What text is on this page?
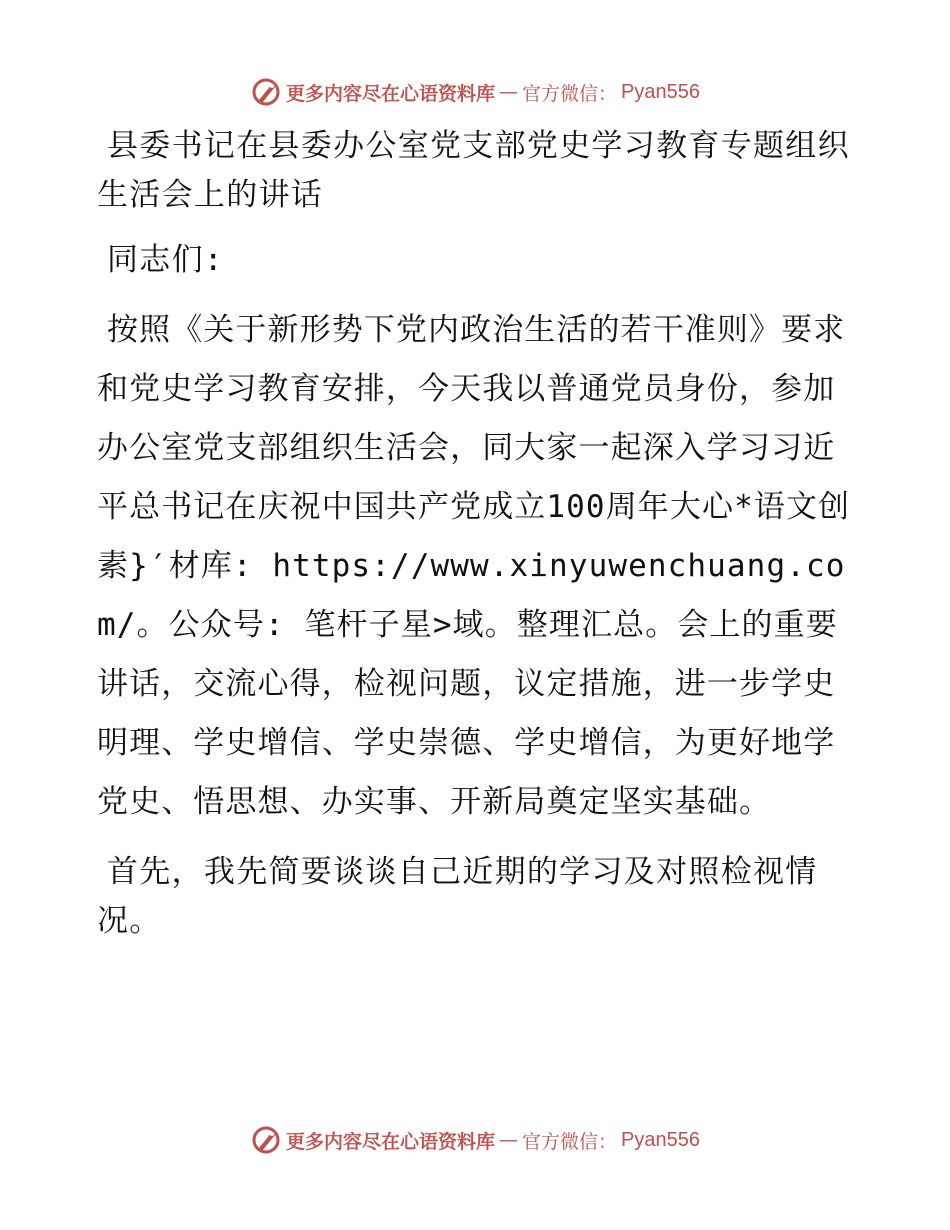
更多内容尽在心语资料库 — 官方微信： Pyan556

县委书记在县委办公室党支部党史学习教育专题组织生活会上的讲话

同志们:

按照《关于新形势下党内政治生活的若干准则》要求和党史学习教育安排，今天我以普通党员身份，参加办公室党支部组织生活会，同大家一起深入学习习近平总书记在庆祝中国共产党成立100周年大心*语文创素}′材库: https://www.xinyuwenchuang.com/。公众号: 笔杆子星>域。整理汇总。会上的重要讲话，交流心得，检视问题，议定措施，进一步学史明理、学史增信、学史崇德、学史增信，为更好地学党史、悟思想、办实事、开新局奠定坚实基础。

首先，我先简要谈谈自己近期的学习及对照检视情况。

更多内容尽在心语资料库 — 官方微信： Pyan556
